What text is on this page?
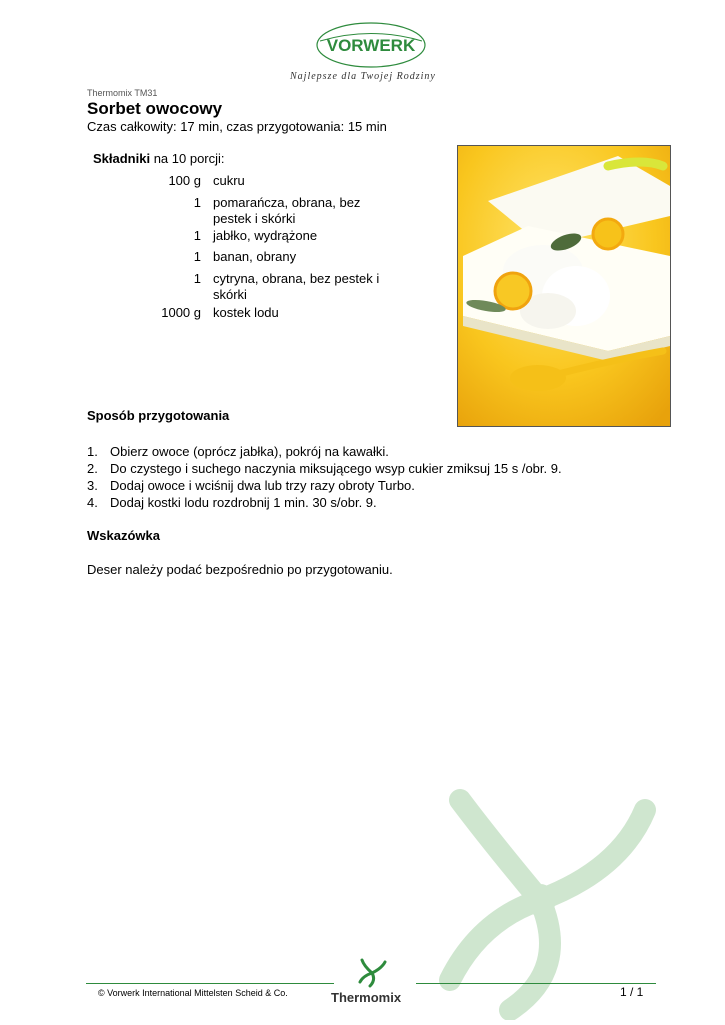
VORWERK
Najlepsze dla Twojej Rodziny
Thermomix TM31
Sorbet owocowy
Czas całkowity: 17 min, czas przygotowania: 15 min
Składniki na 10 porcji:
100 g cukru
1 pomarańcza, obrana, bez pestek i skórki
1 jabłko, wydrążone
1 banan, obrany
1 cytryna, obrana, bez pestek i skórki
1000 g kostek lodu
Sposób przygotowania
1. Obierz owoce (oprócz jabłka), pokrój na kawałki.
2. Do czystego i suchego naczynia miksującego wsyp cukier zmiksuj 15 s /obr. 9.
3. Dodaj owoce i wciśnij dwa lub trzy razy obroty Turbo.
4. Dodaj kostki lodu rozdrobnij 1 min. 30 s/obr. 9.
Wskazówka
Deser należy podać bezpośrednio po przygotowaniu.
© Vorwerk International Mittelsten Scheid & Co.	Thermomix	1 / 1
